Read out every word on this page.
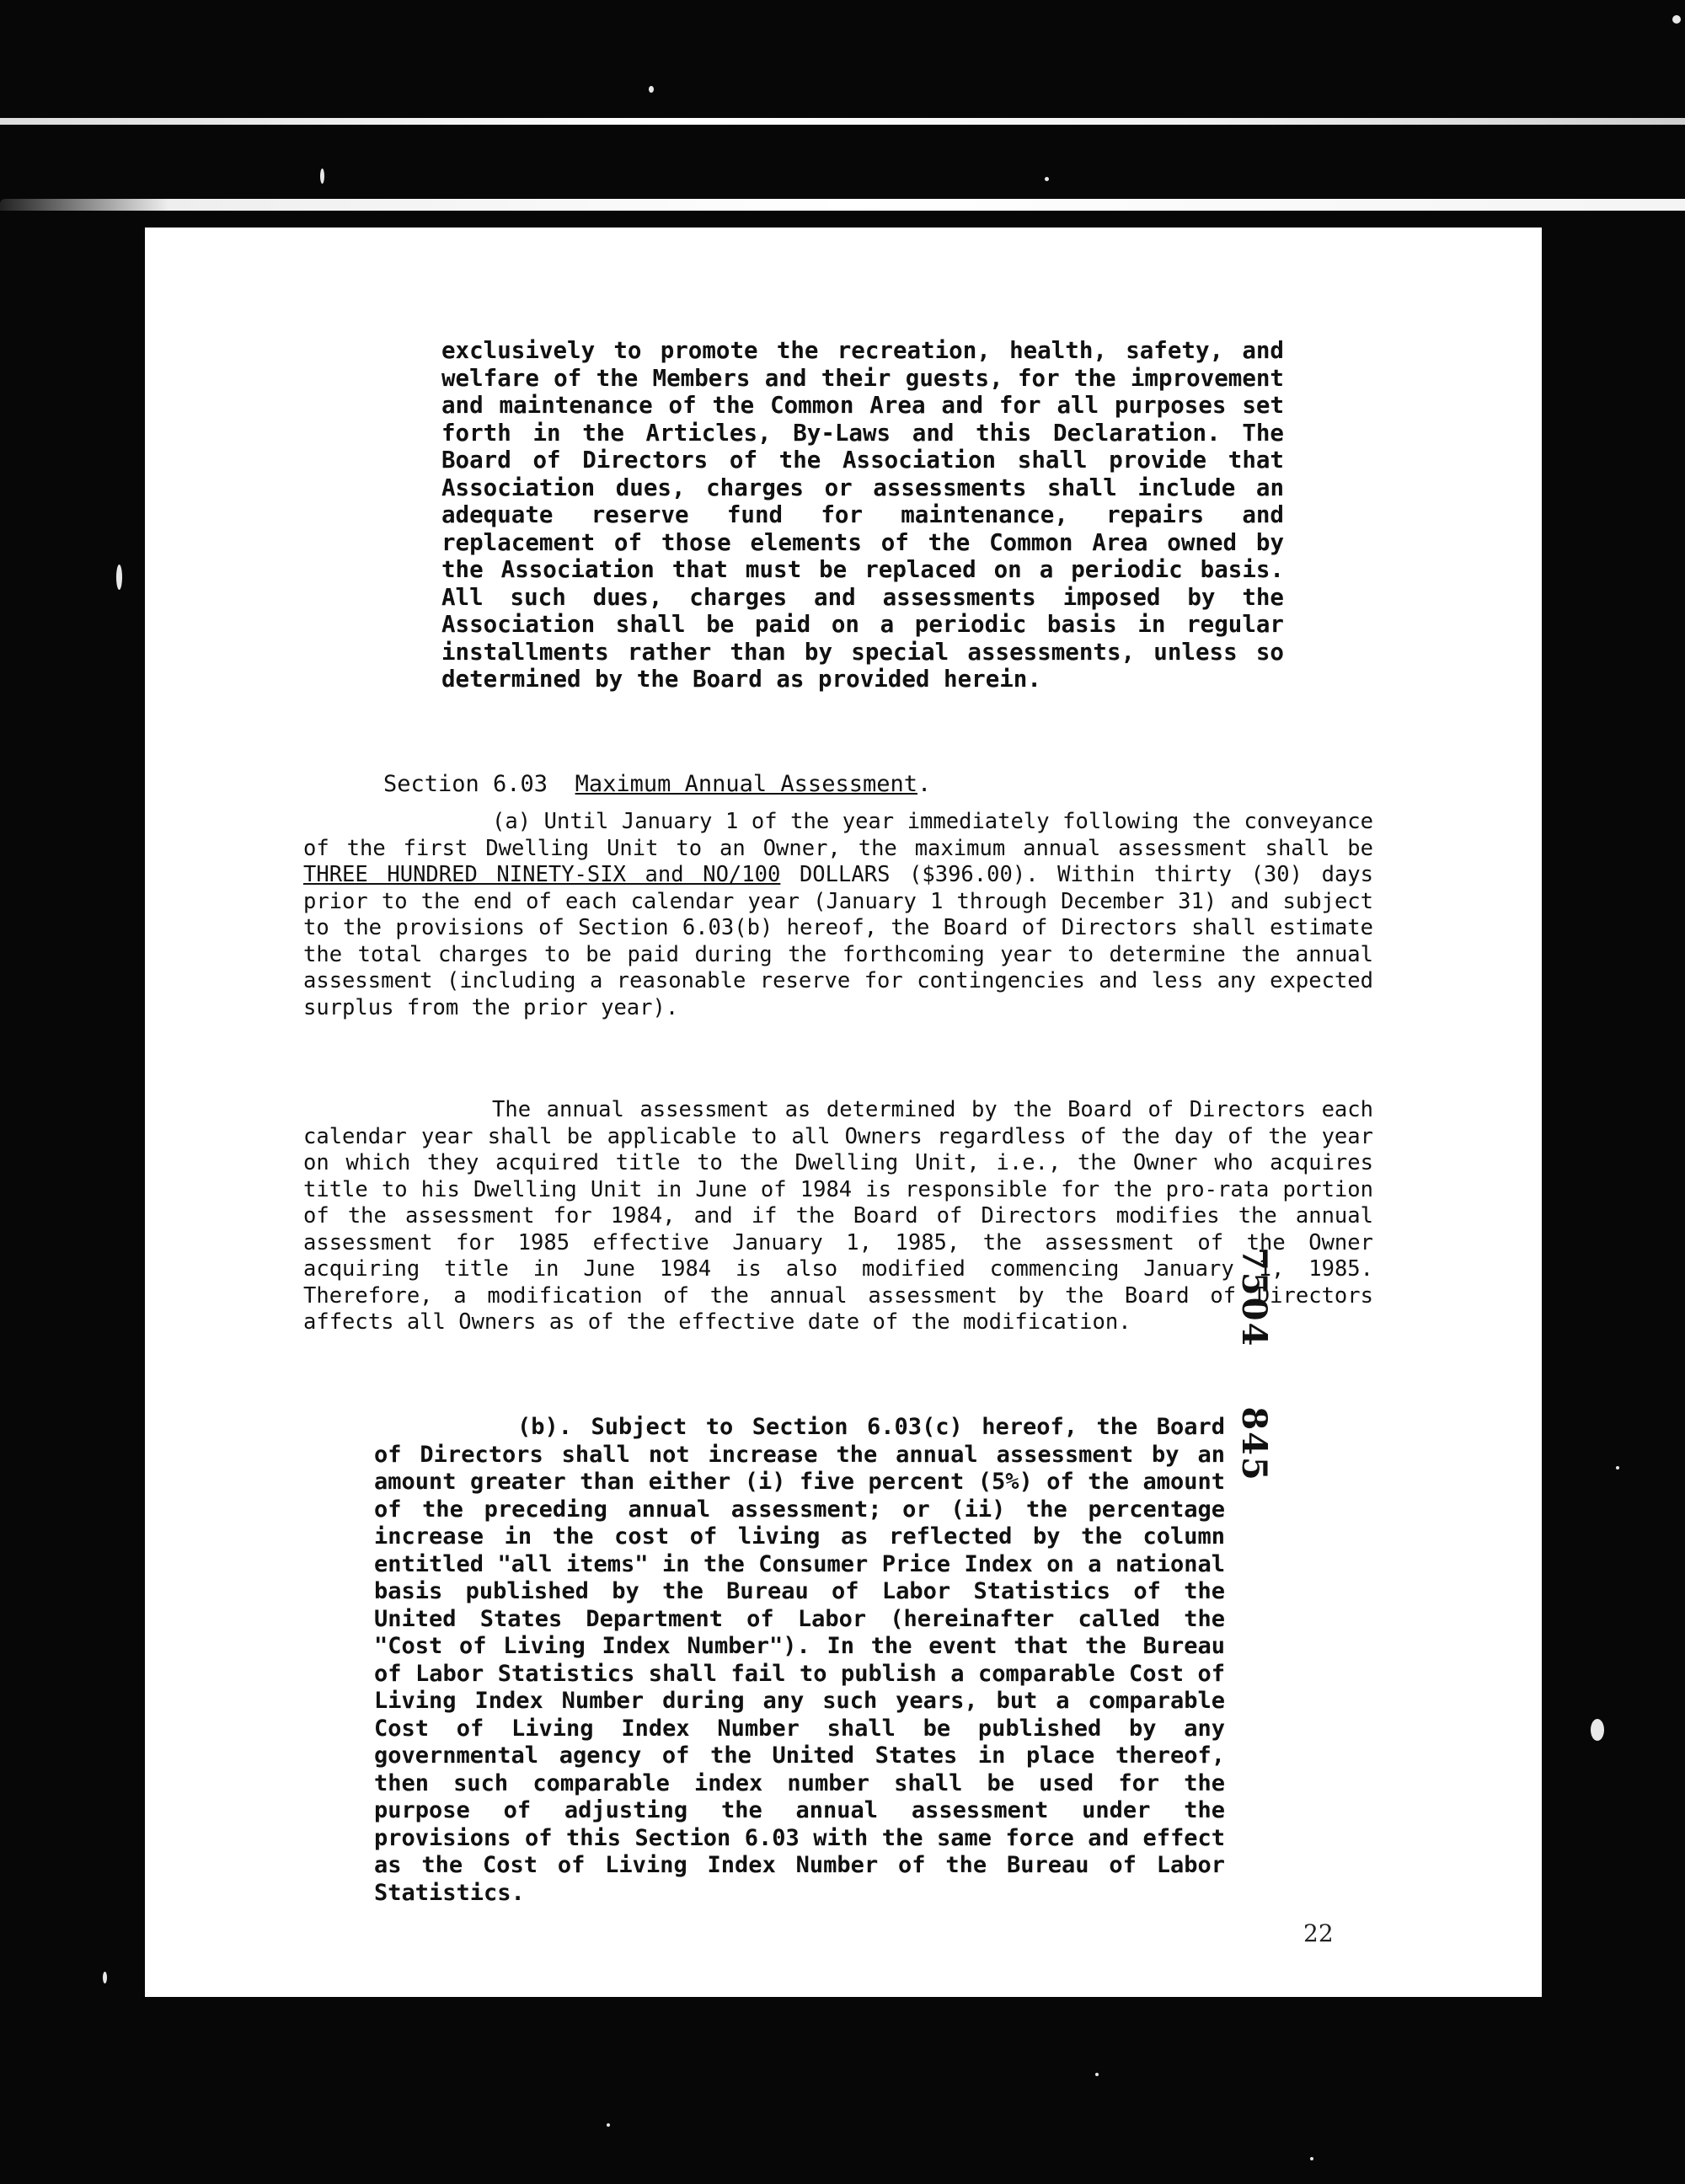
exclusively to promote the recreation, health, safety, and welfare of the Members and their guests, for the improvement and maintenance of the Common Area and for all purposes set forth in the Articles, By-Laws and this Declaration. The Board of Directors of the Association shall provide that Association dues, charges or assessments shall include an adequate reserve fund for maintenance, repairs and replacement of those elements of the Common Area owned by the Association that must be replaced on a periodic basis. All such dues, charges and assessments imposed by the Association shall be paid on a periodic basis in regular installments rather than by special assessments, unless so determined by the Board as provided herein.

Section 6.03 Maximum Annual Assessment.

(a) Until January 1 of the year immediately following the conveyance of the first Dwelling Unit to an Owner, the maximum annual assessment shall be THREE HUNDRED NINETY-SIX and NO/100 DOLLARS ($396.00). Within thirty (30) days prior to the end of each calendar year (January 1 through December 31) and subject to the provisions of Section 6.03(b) hereof, the Board of Directors shall estimate the total charges to be paid during the forthcoming year to determine the annual assessment (including a reasonable reserve for contingencies and less any expected surplus from the prior year).

The annual assessment as determined by the Board of Directors each calendar year shall be applicable to all Owners regardless of the day of the year on which they acquired title to the Dwelling Unit, i.e., the Owner who acquires title to his Dwelling Unit in June of 1984 is responsible for the pro-rata portion of the assessment for 1984, and if the Board of Directors modifies the annual assessment for 1985 effective January 1, 1985, the assessment of the Owner acquiring title in June 1984 is also modified commencing January 1, 1985. Therefore, a modification of the annual assessment by the Board of Directors affects all Owners as of the effective date of the modification.

(b). Subject to Section 6.03(c) hereof, the Board of Directors shall not increase the annual assessment by an amount greater than either (i) five percent (5%) of the amount of the preceding annual assessment; or (ii) the percentage increase in the cost of living as reflected by the column entitled "all items" in the Consumer Price Index on a national basis published by the Bureau of Labor Statistics of the United States Department of Labor (hereinafter called the "Cost of Living Index Number"). In the event that the Bureau of Labor Statistics shall fail to publish a comparable Cost of Living Index Number during any such years, but a comparable Cost of Living Index Number shall be published by any governmental agency of the United States in place thereof, then such comparable index number shall be used for the purpose of adjusting the annual assessment under the provisions of this Section 6.03 with the same force and effect as the Cost of Living Index Number of the Bureau of Labor Statistics.

7504845
22
